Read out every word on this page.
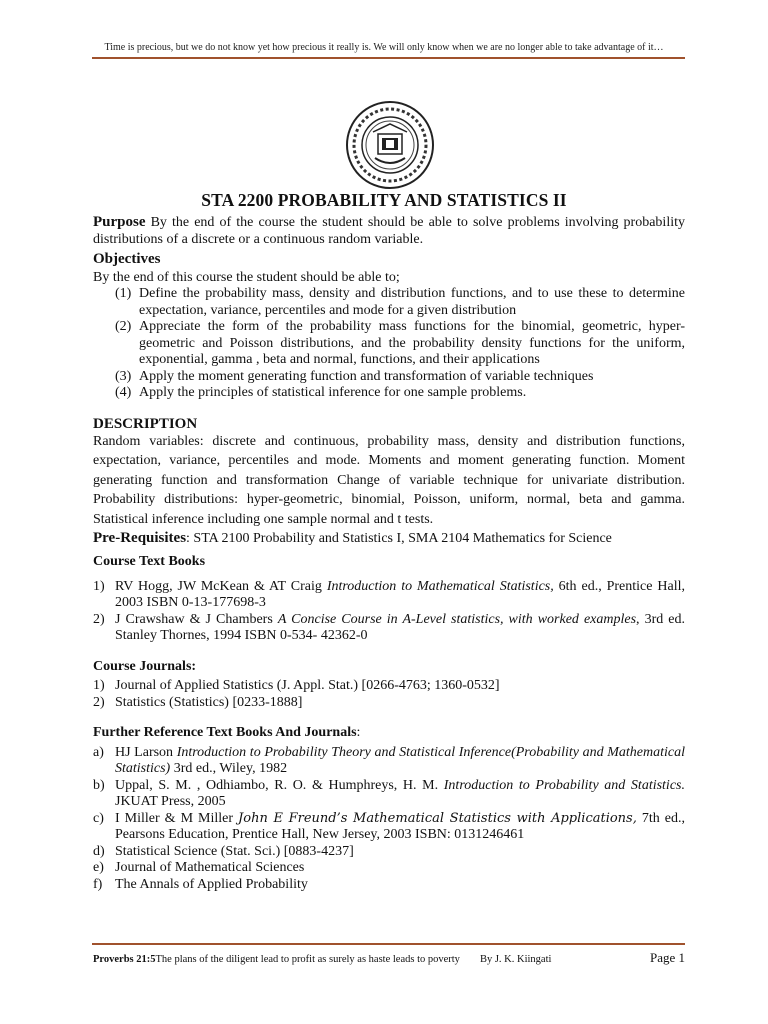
Time is precious, but we do not know yet how precious it really is. We will only know when we are no longer able to take advantage of it…
STA 2200 PROBABILITY AND STATISTICS II
Purpose By the end of the course the student should be able to solve problems involving probability distributions of a discrete or a continuous random variable.
Objectives
By the end of this course the student should be able to;
(1) Define the probability mass, density and distribution functions, and to use these to determine expectation, variance, percentiles and mode for a given distribution
(2) Appreciate the form of the probability mass functions for the binomial, geometric, hyper-geometric and Poisson distributions, and the probability density functions for the uniform, exponential, gamma , beta and normal, functions, and their applications
(3) Apply the moment generating function and transformation of variable techniques
(4) Apply the principles of statistical inference for one sample problems.
DESCRIPTION
Random variables: discrete and continuous, probability mass, density and distribution functions, expectation, variance, percentiles and mode. Moments and moment generating function. Moment generating function and transformation Change of variable technique for univariate distribution. Probability distributions: hyper-geometric, binomial, Poisson, uniform, normal, beta and gamma. Statistical inference including one sample normal and t tests.
Pre-Requisites: STA 2100 Probability and Statistics I, SMA 2104 Mathematics for Science
Course Text Books
1) RV Hogg, JW McKean & AT Craig Introduction to Mathematical Statistics, 6th ed., Prentice Hall, 2003 ISBN 0-13-177698-3
2) J Crawshaw & J Chambers A Concise Course in A-Level statistics, with worked examples, 3rd ed. Stanley Thornes, 1994 ISBN 0-534- 42362-0
Course Journals:
1) Journal of Applied Statistics (J. Appl. Stat.) [0266-4763; 1360-0532]
2) Statistics (Statistics) [0233-1888]
Further Reference Text Books And Journals:
a) HJ Larson Introduction to Probability Theory and Statistical Inference(Probability and Mathematical Statistics) 3rd ed., Wiley, 1982
b) Uppal, S. M. , Odhiambo, R. O. & Humphreys, H. M. Introduction to Probability and Statistics. JKUAT Press, 2005
c) I Miller & M Miller John E Freund’s Mathematical Statistics with Applications, 7th ed., Pearsons Education, Prentice Hall, New Jersey, 2003 ISBN: 0131246461
d) Statistical Science (Stat. Sci.) [0883-4237]
e) Journal of Mathematical Sciences
f) The Annals of Applied Probability
Proverbs 21:5 The plans of the diligent lead to profit as surely as haste leads to poverty By J. K. Kiingati	Page 1
